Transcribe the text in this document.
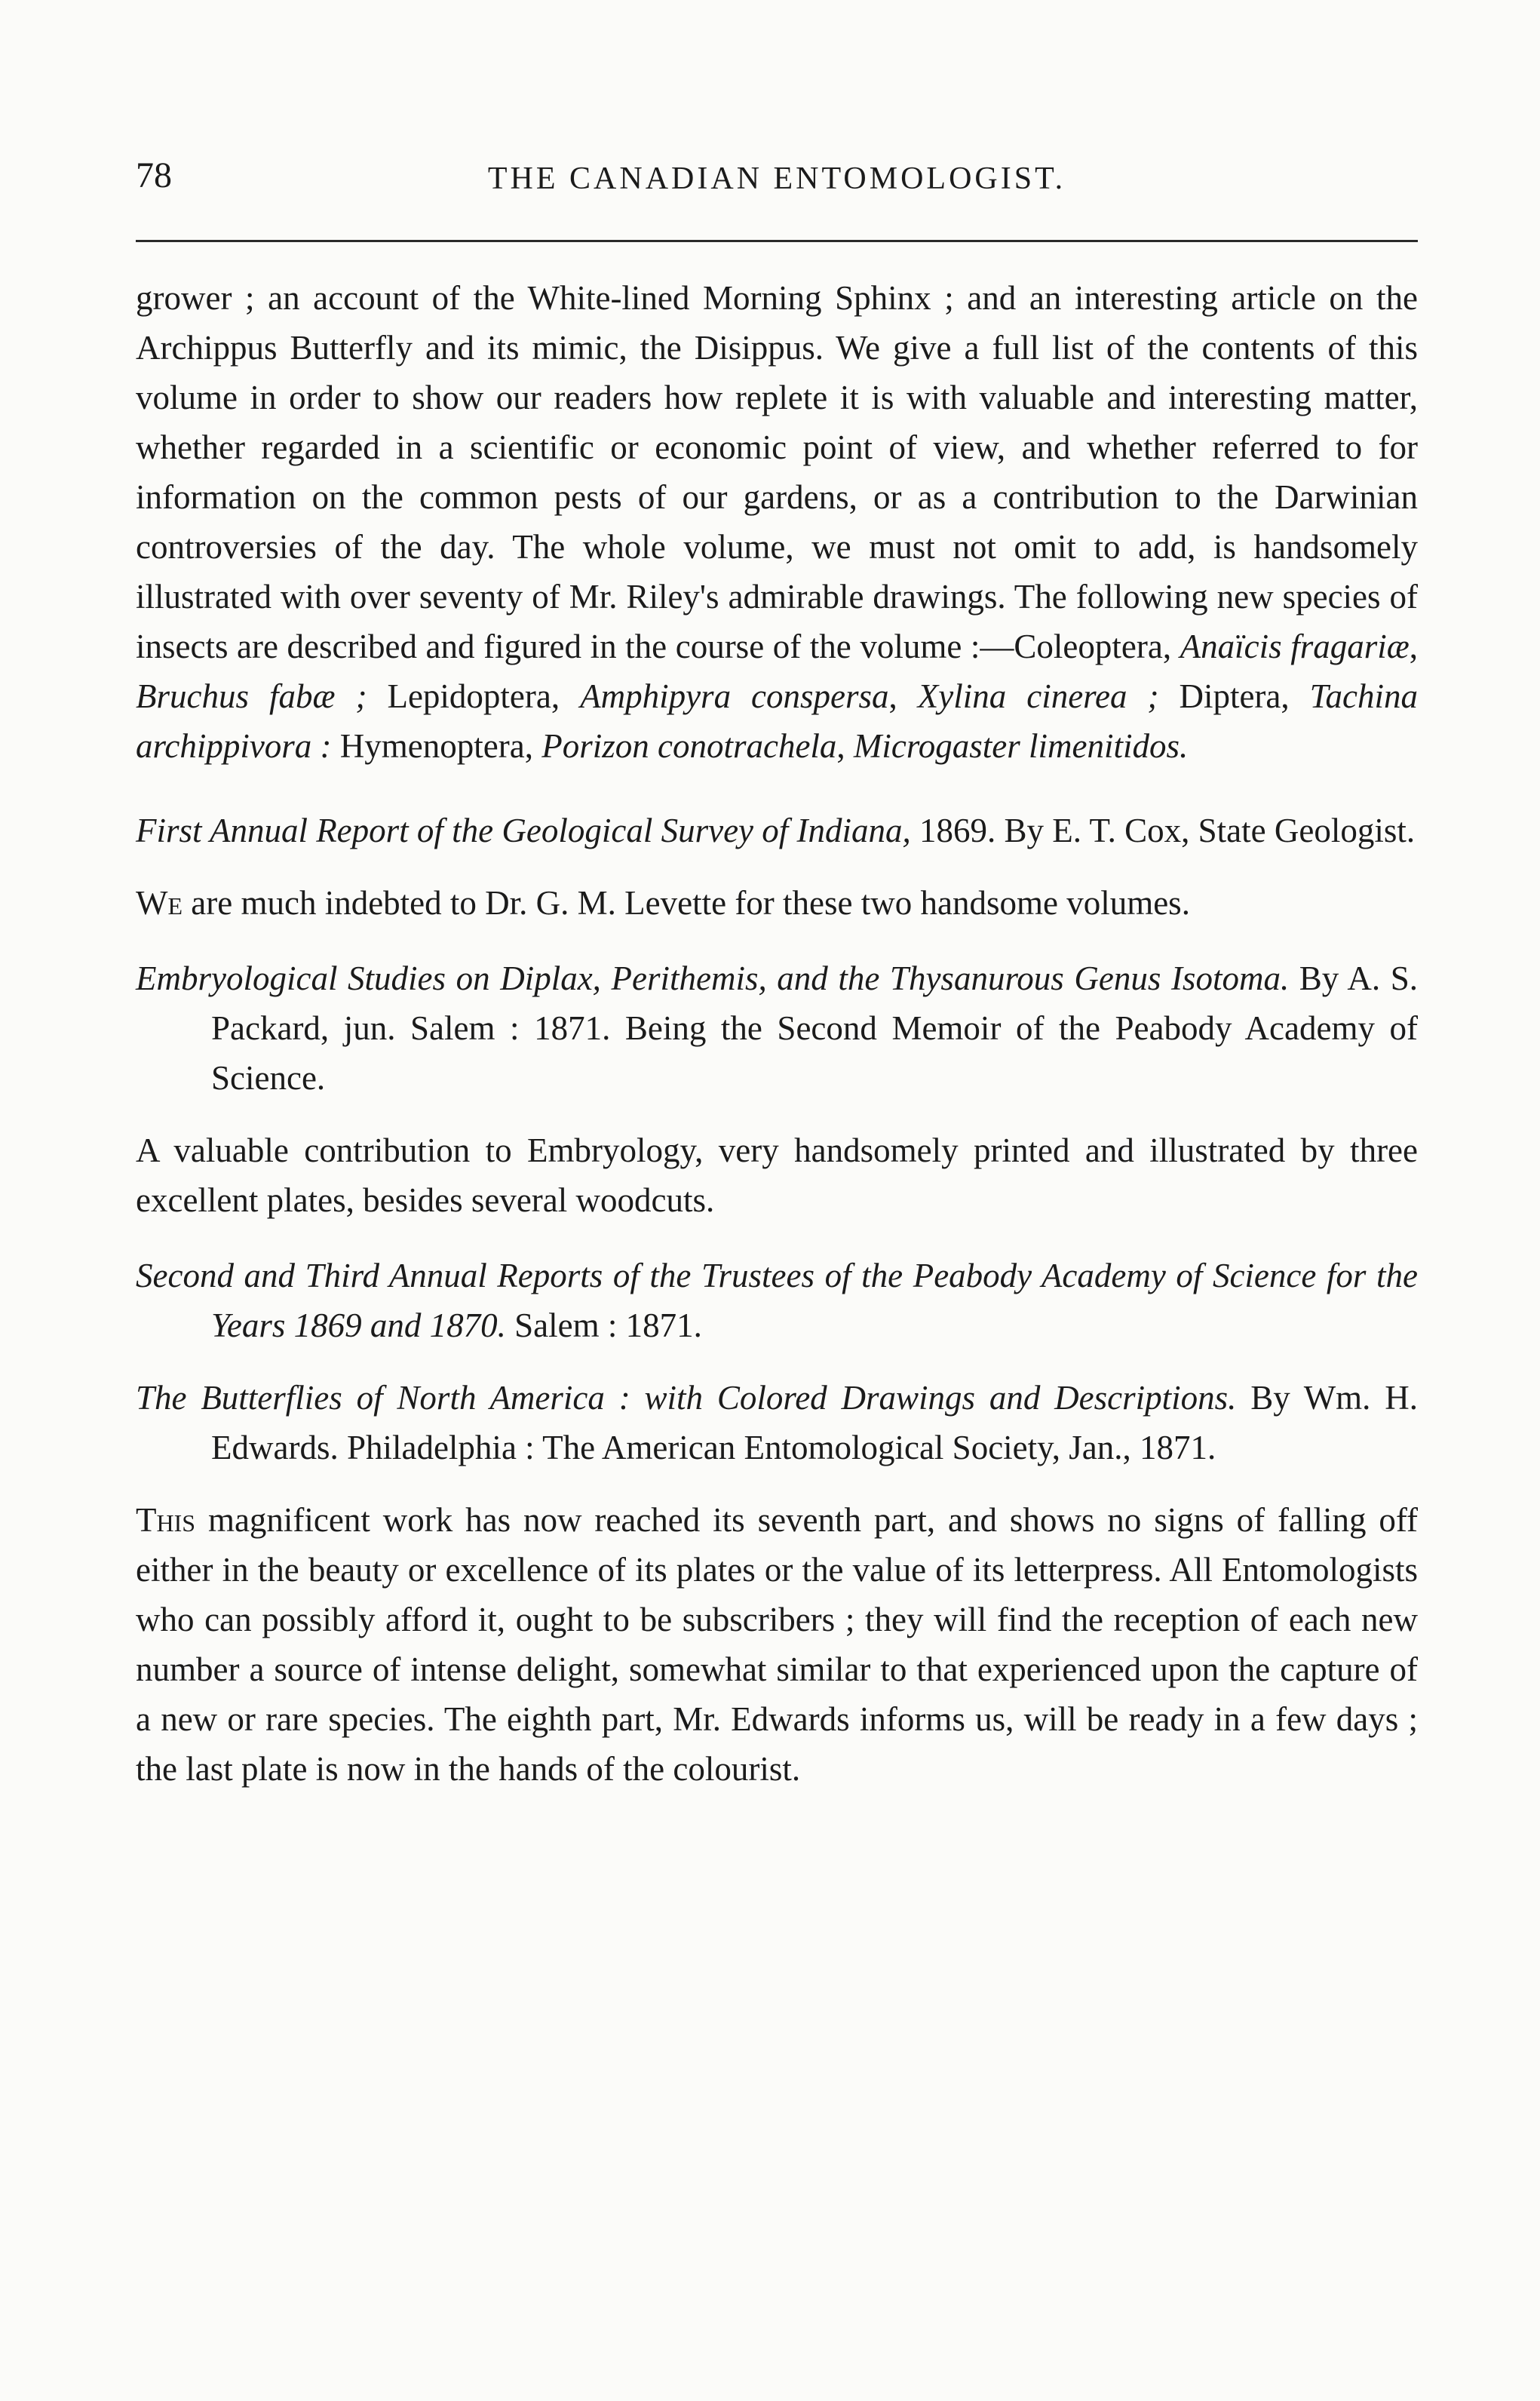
78	THE CANADIAN ENTOMOLOGIST.

grower ; an account of the White-lined Morning Sphinx ; and an interesting article on the Archippus Butterfly and its mimic, the Disippus. We give a full list of the contents of this volume in order to show our readers how replete it is with valuable and interesting matter, whether regarded in a scientific or economic point of view, and whether referred to for information on the common pests of our gardens, or as a contribution to the Darwinian controversies of the day. The whole volume, we must not omit to add, is handsomely illustrated with over seventy of Mr. Riley's admirable drawings. The following new species of insects are described and figured in the course of the volume :—Coleoptera, Anaïcis fragariæ, Bruchus fabæ ; Lepidoptera, Amphipyra conspersa, Xylina cinerea ; Diptera, Tachina archippivora : Hymenoptera, Porizon conotrachela, Microgaster limenitidos.

First Annual Report of the Geological Survey of Indiana, 1869. By E. T. Cox, State Geologist.

We are much indebted to Dr. G. M. Levette for these two handsome volumes.

Embryological Studies on Diplax, Perithemis, and the Thysanurous Genus Isotoma. By A. S. Packard, jun. Salem : 1871. Being the Second Memoir of the Peabody Academy of Science.

A valuable contribution to Embryology, very handsomely printed and illustrated by three excellent plates, besides several woodcuts.

Second and Third Annual Reports of the Trustees of the Peabody Academy of Science for the Years 1869 and 1870. Salem : 1871.

The Butterflies of North America : with Colored Drawings and Descriptions. By Wm. H. Edwards. Philadelphia : The American Entomological Society, Jan., 1871.

This magnificent work has now reached its seventh part, and shows no signs of falling off either in the beauty or excellence of its plates or the value of its letterpress. All Entomologists who can possibly afford it, ought to be subscribers ; they will find the reception of each new number a source of intense delight, somewhat similar to that experienced upon the capture of a new or rare species. The eighth part, Mr. Edwards informs us, will be ready in a few days ; the last plate is now in the hands of the colourist.
